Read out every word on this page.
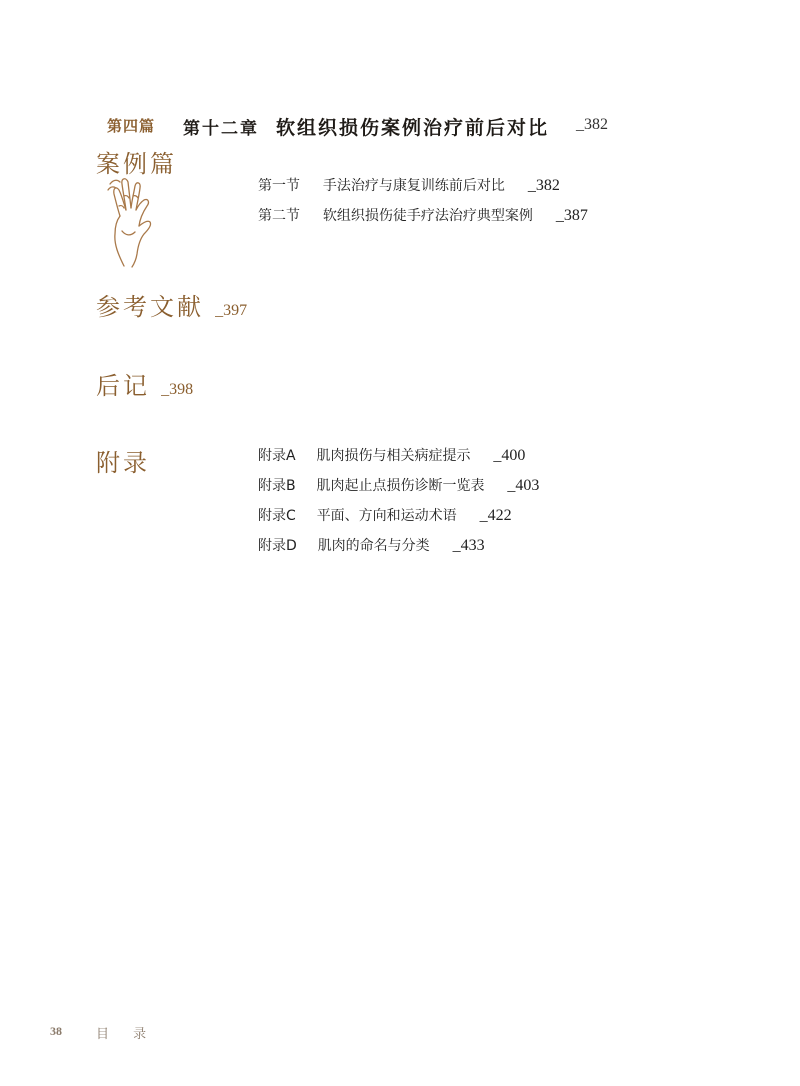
第四篇 第十二章 软组织损伤案例治疗前后对比 _382
案例篇
第一节 手法治疗与康复训练前后对比 _382
第二节 软组织损伤徒手疗法治疗典型案例 _387
参考文献 _397
后记 _398
附录	附录A 肌肉损伤与相关病症提示 _400
附录B 肌肉起止点损伤诊断一览表 _403
附录C 平面、方向和运动术语 _422
附录D 肌肉的命名与分类 _433
38	目 录
